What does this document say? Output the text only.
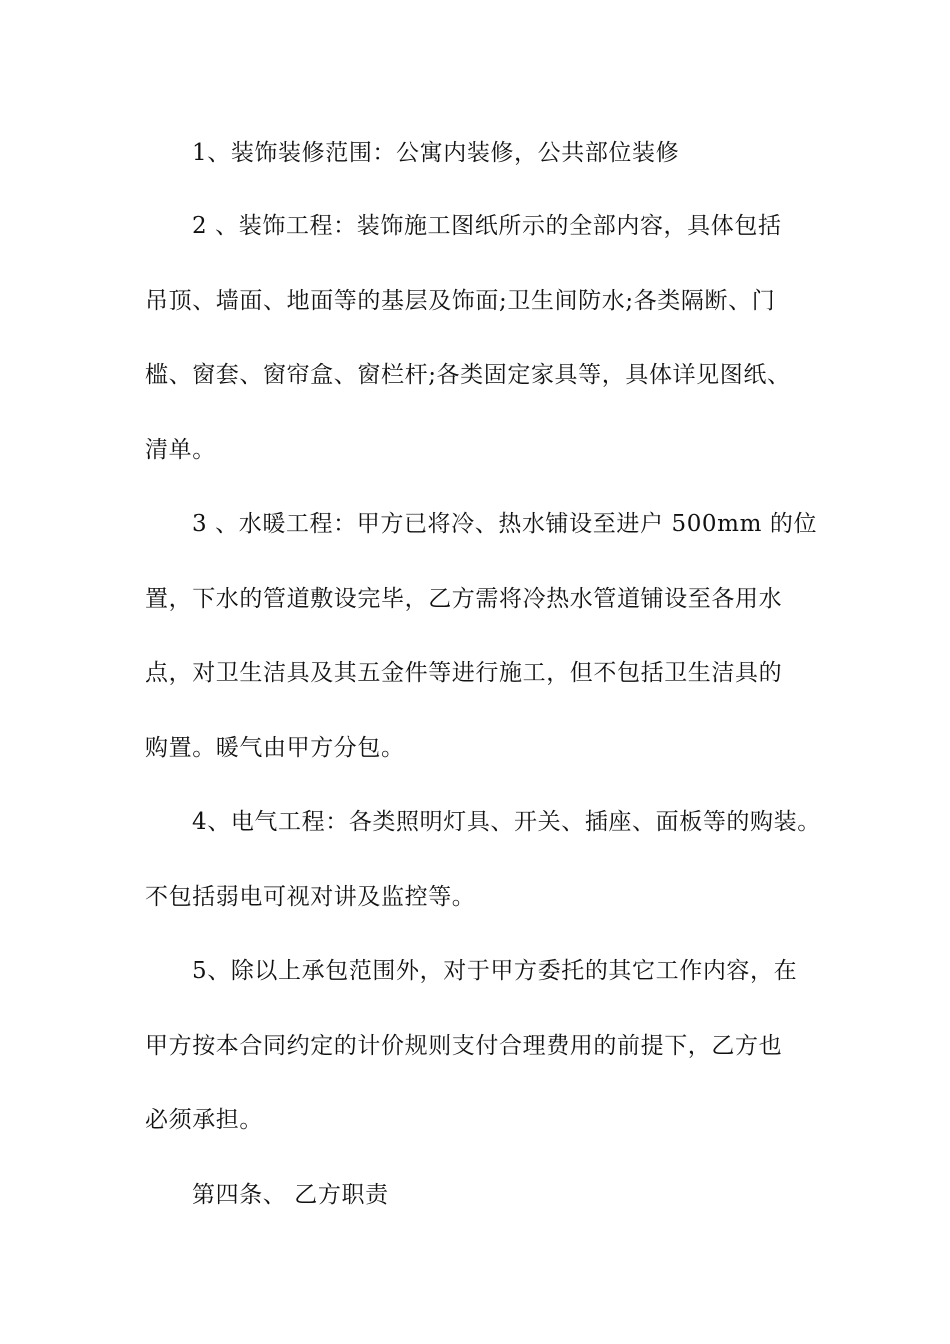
1、装饰装修范围：公寓内装修，公共部位装修
2 、装饰工程：装饰施工图纸所示的全部内容，具体包括
吊顶、墙面、地面等的基层及饰面;卫生间防水;各类隔断、门
槛、窗套、窗帘盒、窗栏杆;各类固定家具等，具体详见图纸、
清单。
3 、水暖工程：甲方已将冷、热水铺设至进户 500mm 的位
置，下水的管道敷设完毕，乙方需将冷热水管道铺设至各用水
点，对卫生洁具及其五金件等进行施工，但不包括卫生洁具的
购置。暖气由甲方分包。
4、电气工程：各类照明灯具、开关、插座、面板等的购装。
不包括弱电可视对讲及监控等。
5、除以上承包范围外，对于甲方委托的其它工作内容，在
甲方按本合同约定的计价规则支付合理费用的前提下，乙方也
必须承担。
第四条、 乙方职责
